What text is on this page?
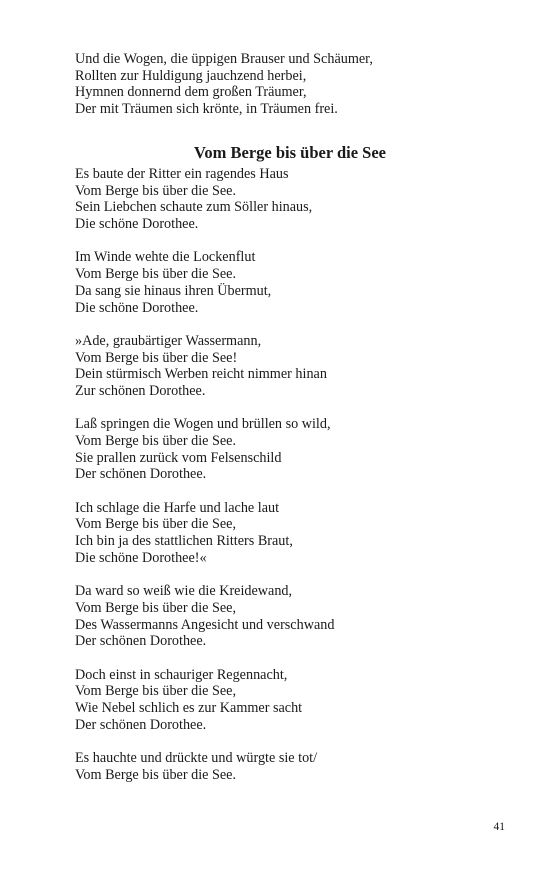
Und die Wogen, die üppigen Brauser und Schäumer,
Rollten zur Huldigung jauchzend herbei,
Hymnen donnernd dem großen Träumer,
Der mit Träumen sich krönte, in Träumen frei.
Vom Berge bis über die See
Es baute der Ritter ein ragendes Haus
Vom Berge bis über die See.
Sein Liebchen schaute zum Söller hinaus,
Die schöne Dorothee.
Im Winde wehte die Lockenflut
Vom Berge bis über die See.
Da sang sie hinaus ihren Übermut,
Die schöne Dorothee.
»Ade, graubärtiger Wassermann,
Vom Berge bis über die See!
Dein stürmisch Werben reicht nimmer hinan
Zur schönen Dorothee.
Laß springen die Wogen und brüllen so wild,
Vom Berge bis über die See.
Sie prallen zurück vom Felsenschild
Der schönen Dorothee.
Ich schlage die Harfe und lache laut
Vom Berge bis über die See,
Ich bin ja des stattlichen Ritters Braut,
Die schöne Dorothee!«
Da ward so weiß wie die Kreidewand,
Vom Berge bis über die See,
Des Wassermanns Angesicht und verschwand
Der schönen Dorothee.
Doch einst in schauriger Regennacht,
Vom Berge bis über die See,
Wie Nebel schlich es zur Kammer sacht
Der schönen Dorothee.
Es hauchte und drückte und würgte sie tot/
Vom Berge bis über die See.
41
